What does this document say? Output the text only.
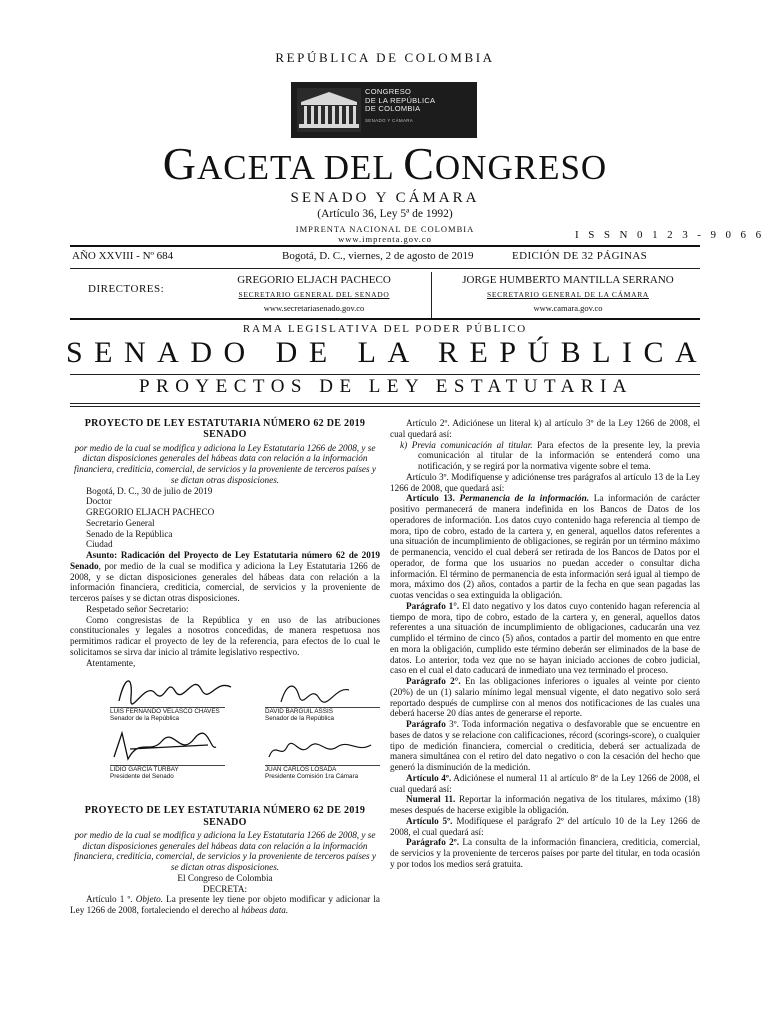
REPÚBLICA DE COLOMBIA
CONGRESO
DE LA REPÚBLICA
DE COLOMBIA
SENADO Y CÁMARA
GACETA DEL CONGRESO
SENADO Y CÁMARA
(Artículo 36, Ley 5ª de 1992)
IMPRENTA NACIONAL DE COLOMBIA
www.imprenta.gov.co	I S S N 0 1 2 3 - 9 0 6 6
AÑO XXVIII - Nº 684	Bogotá, D. C., viernes, 2 de agosto de 2019	EDICIÓN DE 32 PÁGINAS
DIRECTORES:
GREGORIO ELJACH PACHECO
SECRETARIO GENERAL DEL SENADO
www.secretariasenado.gov.co
JORGE HUMBERTO MANTILLA SERRANO
SECRETARIO GENERAL DE LA CÁMARA
www.camara.gov.co
RAMA LEGISLATIVA DEL PODER PÚBLICO
SENADO DE LA REPÚBLICA
PROYECTOS DE LEY ESTATUTARIA

PROYECTO DE LEY ESTATUTARIA NÚMERO 62 DE 2019 SENADO

por medio de la cual se modifica y adiciona la Ley Estatutaria 1266 de 2008, y se dictan disposiciones generales del hábeas data con relación a la información financiera, crediticia, comercial, de servicios y la proveniente de terceros países y se dictan otras disposiciones.

Bogotá, D. C., 30 de julio de 2019

Doctor

GREGORIO ELJACH PACHECO

Secretario General

Senado de la República

Ciudad

Asunto: Radicación del Proyecto de Ley Estatutaria número 62 de 2019 Senado, por medio de la cual se modifica y adiciona la Ley Estatutaria 1266 de 2008, y se dictan disposiciones generales del hábeas data con relación a la información financiera, crediticia, comercial, de servicios y la proveniente de terceros países y se dictan otras disposiciones.

Respetado señor Secretario:

Como congresistas de la República y en uso de las atribuciones constitucionales y legales a nosotros concedidas, de manera respetuosa nos permitimos radicar el proyecto de ley de la referencia, para efectos de lo cual le solicitamos se sirva dar inicio al trámite legislativo respectivo.

Atentamente,

LUIS FERNANDO VELASCO CHAVES
Senador de la República
DAVID BARGUIL ASSIS
Senador de la República
LIDIO GARCÍA TURBAY
Presidente del Senado
JUAN CARLOS LOSADA
Presidente Comisión 1ra Cámara

PROYECTO DE LEY ESTATUTARIA NÚMERO 62 DE 2019 SENADO

por medio de la cual se modifica y adiciona la Ley Estatutaria 1266 de 2008, y se dictan disposiciones generales del hábeas data con relación a la información financiera, crediticia, comercial, de servicios y la proveniente de terceros países y se dictan otras disposiciones.

El Congreso de Colombia

DECRETA:

Artículo 1 º. Objeto. La presente ley tiene por objeto modificar y adicionar la Ley 1266 de 2008, fortaleciendo el derecho al hábeas data.

Artículo 2º. Adiciónese un literal k) al artículo 3º de la Ley 1266 de 2008, el cual quedará así:

k) Previa comunicación al titular. Para efectos de la presente ley, la previa comunicación al titular de la información se entenderá como una notificación, y se regirá por la normativa vigente sobre el tema.

Artículo 3º. Modifíquense y adiciónense tres parágrafos al artículo 13 de la Ley 1266 de 2008, que quedará así:

Artículo 13. Permanencia de la información. La información de carácter positivo permanecerá de manera indefinida en los Bancos de Datos de los operadores de información. Los datos cuyo contenido haga referencia al tiempo de mora, tipo de cobro, estado de la cartera y, en general, aquellos datos referentes a una situación de incumplimiento de obligaciones, se regirán por un término máximo de permanencia, vencido el cual deberá ser retirada de los Bancos de Datos por el operador, de forma que los usuarios no puedan acceder o consultar dicha información. El término de permanencia de esta información será igual al tiempo de mora, máximo dos (2) años, contados a partir de la fecha en que sean pagadas las cuotas vencidas o sea extinguida la obligación.

Parágrafo 1°. El dato negativo y los datos cuyo contenido hagan referencia al tiempo de mora, tipo de cobro, estado de la cartera y, en general, aquellos datos referentes a una situación de incumplimiento de obligaciones, caducarán una vez cumplido el término de cinco (5) años, contados a partir del momento en que entre en mora la obligación, cumplido este término deberán ser eliminados de la base de datos. Lo anterior, toda vez que no se hayan iniciado acciones de cobro judicial, caso en el cual el dato caducará de inmediato una vez terminado el proceso.

Parágrafo 2°. En las obligaciones inferiores o iguales al veinte por ciento (20%) de un (1) salario mínimo legal mensual vigente, el dato negativo solo será reportado después de cumplirse con al menos dos notificaciones de las cuales una deberá hacerse 20 días antes de generarse el reporte.

Parágrafo 3º. Toda información negativa o desfavorable que se encuentre en bases de datos y se relacione con calificaciones, récord (scorings-score), o cualquier tipo de medición financiera, comercial o crediticia, deberá ser actualizada de manera simultánea con el retiro del dato negativo o con la cesación del hecho que generó la disminución de la medición.

Artículo 4º. Adiciónese el numeral 11 al artículo 8º de la Ley 1266 de 2008, el cual quedará así:

Numeral 11. Reportar la información negativa de los titulares, máximo (18) meses después de hacerse exigible la obligación.

Artículo 5º. Modifíquese el parágrafo 2º del artículo 10 de la Ley 1266 de 2008, el cual quedará así:

Parágrafo 2º. La consulta de la información financiera, crediticia, comercial, de servicios y la proveniente de terceros países por parte del titular, en toda ocasión y por todos los medios será gratuita.
